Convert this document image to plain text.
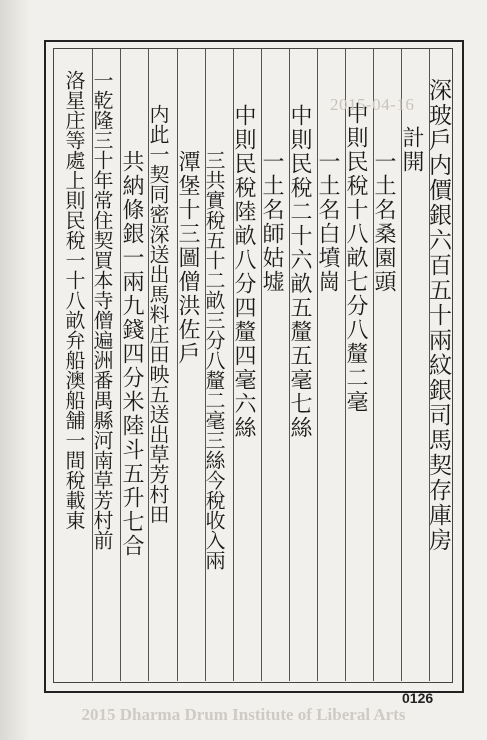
深玻戶内價銀六百五十兩紋銀司馬契存庫房
計開
一土名桑園頭
中則民稅十八畝七分八釐二毫
一土名白墳崗
中則民稅二十六畝五釐五毫七絲
一土名師姑墟
中則民稅陸畝八分四釐四毫六絲
三共實稅五十二畝三分八釐二毫三絲今稅收入兩
潭堡十三圖僧洪佐戶
内此一契同密深送出馬料庄田映五送出草芳村田
共納條銀一兩九錢四分米陸斗五升七合
一乾隆三十年常住契買本寺僧遍洲番禺縣河南草芳村前
洛星庄等處上則民稅一十八畝弁船澳船舗一間稅載東	2015-04-16
0126
2015 Dharma Drum Institute of Liberal Arts
